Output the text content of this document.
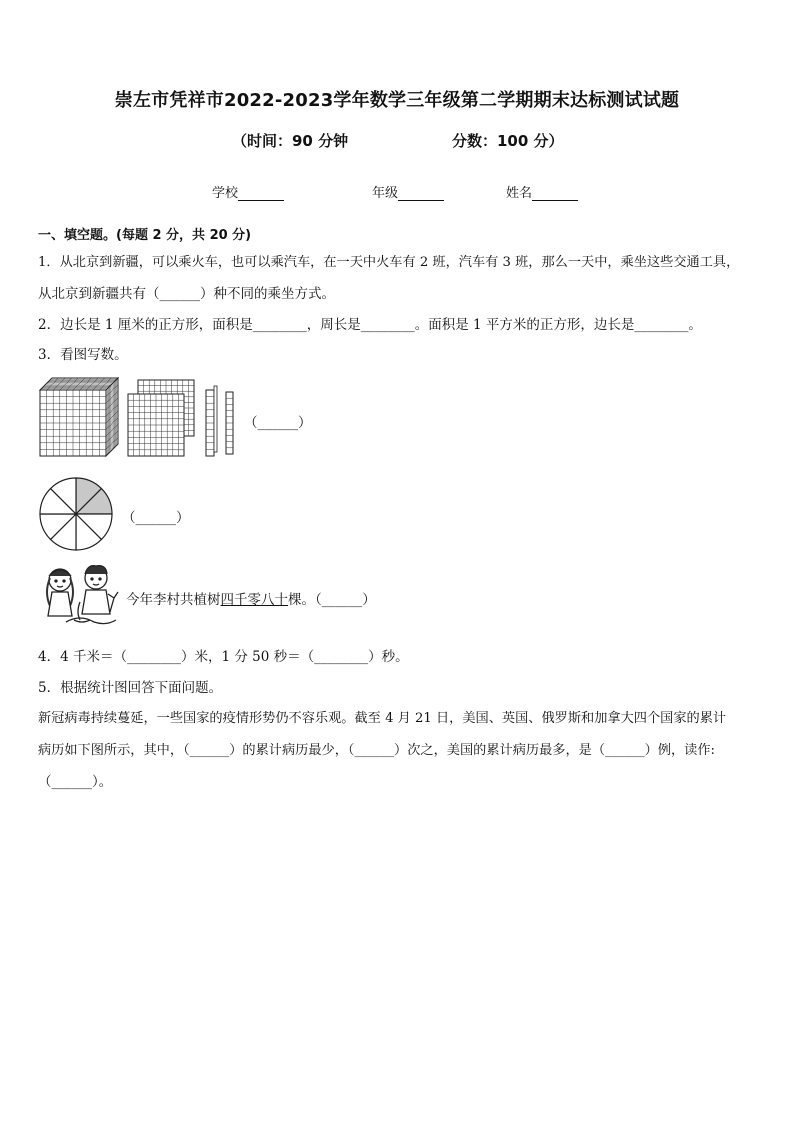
崇左市凭祥市2022-2023学年数学三年级第二学期期末达标测试试题
（时间：90 分钟	分数：100 分）
学校	年级	姓名
一、填空题。(每题 2 分，共 20 分)
1．从北京到新疆，可以乘火车，也可以乘汽车，在一天中火车有 2 班，汽车有 3 班，那么一天中，乘坐这些交通工具，
从北京到新疆共有（______）种不同的乘坐方式。
2．边长是 1 厘米的正方形，面积是________，周长是________。面积是 1 平方米的正方形，边长是________。
3．看图写数。
（______）
（______）
今年李村共植树四千零八十棵。（______）
4．4 千米＝（________）米，1 分 50 秒＝（________）秒。
5．根据统计图回答下面问题。
新冠病毒持续蔓延，一些国家的疫情形势仍不容乐观。截至 4 月 21 日，美国、英国、俄罗斯和加拿大四个国家的累计
病历如下图所示，其中，（______）的累计病历最少，（______）次之，美国的累计病历最多，是（______）例，读作:
（______）。
